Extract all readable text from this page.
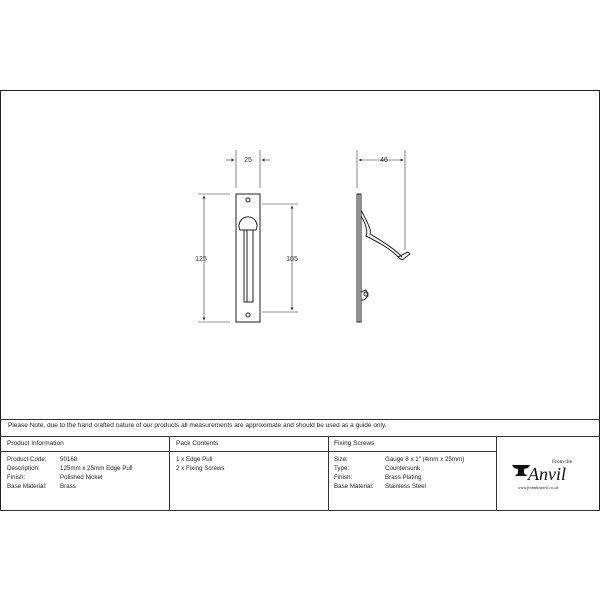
25
125	105
46
Please Note, due to the hand crafted nature of our products all measurements are approximate and should be used as a guide only.
Product Information
Product Code: 50168
Description:	125mm x 25mm Edge Pull
Finish:	Polished Nickel
Base Material: Brass
Pack Contents
1 x Edge Pull
2 x Fixing Screws
Fixing Screws
Size:	Gauge 8 x 1" (4mm x 25mm)
Type:	Countersunk
Finish:	Brass Plating
Base Material: Stainless Steel
From the
Anvil
www.fromtheanvil.co.uk
